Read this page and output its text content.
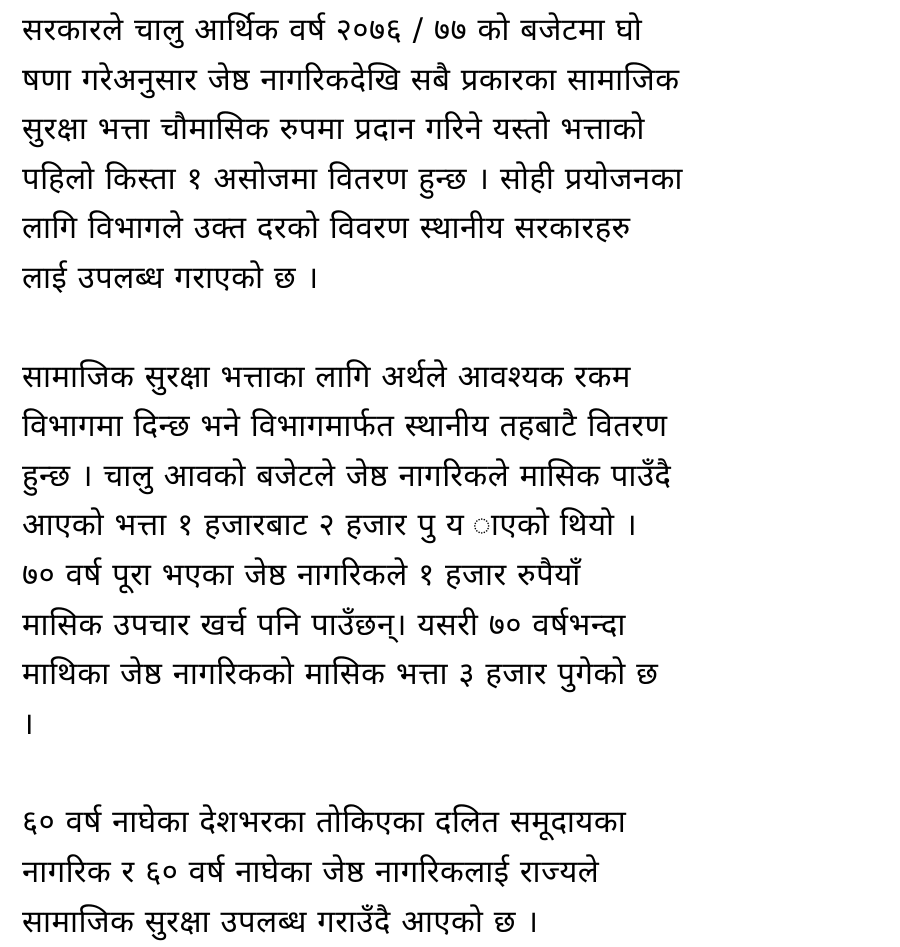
सरकारले चालु आर्थिक वर्ष २०७६ / ७७ को बजेटमा घो
षणा गरेअनुसार जेष्ठ नागरिकदेखि सबै प्रकारका सामाजिक
सुरक्षा भत्ता चौमासिक रुपमा प्रदान गरिने यस्तो भत्ताको
पहिलो किस्ता १ असोजमा वितरण हुन्छ । सोही प्रयोजनका
लागि विभागले उक्त दरको विवरण स्थानीय सरकारहरु
लाई उपलब्ध गराएको छ ।
सामाजिक सुरक्षा भत्ताका लागि अर्थले आवश्यक रकम
विभागमा दिन्छ भने विभागमार्फत स्थानीय तहबाटै वितरण
हुन्छ । चालु आवको बजेटले जेष्ठ नागरिकले मासिक पाउँदै
आएको भत्ता १ हजारबाट २ हजार पु य ाएको थियो ।
७० वर्ष पूरा भएका जेष्ठ नागरिकले १ हजार रुपैयाँ
मासिक उपचार खर्च पनि पाउँछन्। यसरी ७० वर्षभन्दा
माथिका जेष्ठ नागरिकको मासिक भत्ता ३ हजार पुगेको छ
।
६० वर्ष नाघेका देशभरका तोकिएका दलित समूदायका
नागरिक र ६० वर्ष नाघेका जेष्ठ नागरिकलाई राज्यले
सामाजिक सुरक्षा उपलब्ध गराउँदै आएको छ ।
